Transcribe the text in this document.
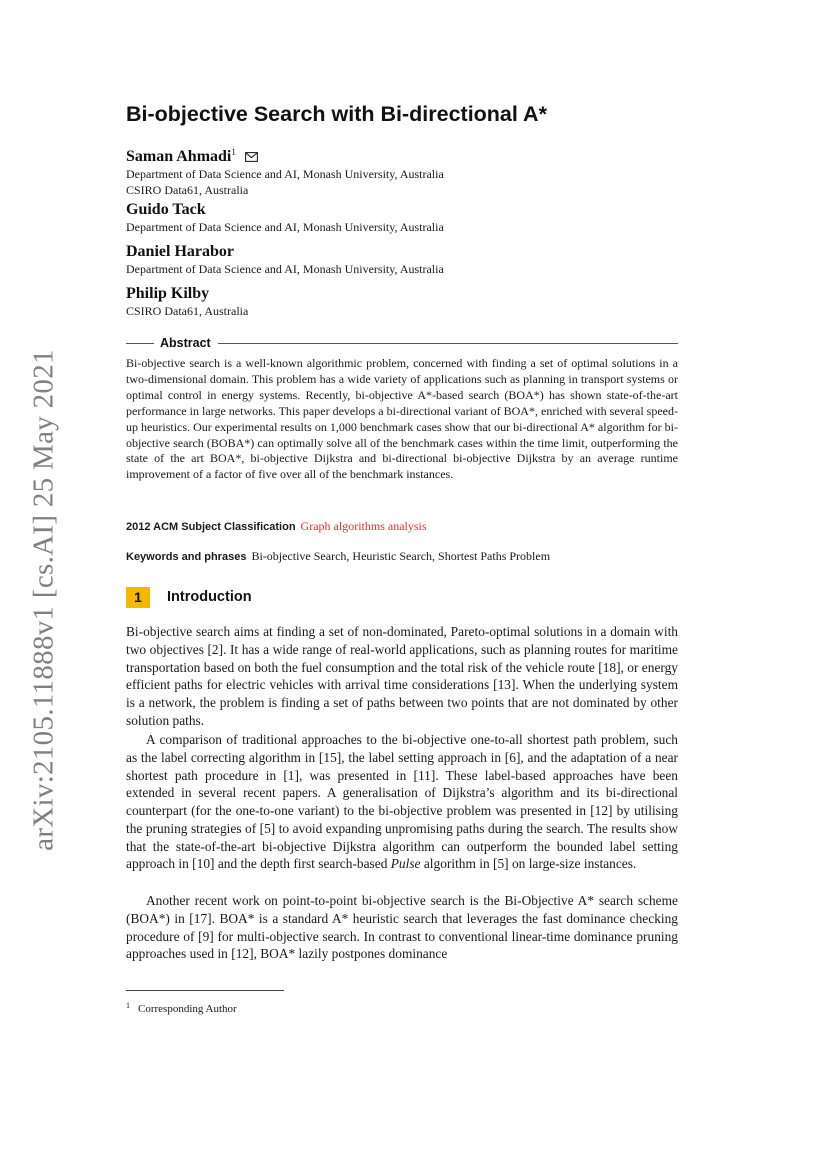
arXiv:2105.11888v1 [cs.AI] 25 May 2021
Bi-objective Search with Bi-directional A*
Saman Ahmadi$^1$
Department of Data Science and AI, Monash University, Australia
CSIRO Data61, Australia
Guido Tack
Department of Data Science and AI, Monash University, Australia
Daniel Harabor
Department of Data Science and AI, Monash University, Australia
Philip Kilby
CSIRO Data61, Australia
Abstract

Bi-objective search is a well-known algorithmic problem, concerned with finding a set of optimal solutions in a two-dimensional domain. This problem has a wide variety of applications such as planning in transport systems or optimal control in energy systems. Recently, bi-objective A*-based search (BOA*) has shown state-of-the-art performance in large networks. This paper develops a bi-directional variant of BOA*, enriched with several speed-up heuristics. Our experimental results on 1,000 benchmark cases show that our bi-directional A* algorithm for bi-objective search (BOBA*) can optimally solve all of the benchmark cases within the time limit, outperforming the state of the art BOA*, bi-objective Dijkstra and bi-directional bi-objective Dijkstra by an average runtime improvement of a factor of five over all of the benchmark instances.

2012 ACM Subject Classification Graph algorithms analysis

Keywords and phrases Bi-objective Search, Heuristic Search, Shortest Paths Problem

1	Introduction

Bi-objective search aims at finding a set of non-dominated, Pareto-optimal solutions in a domain with two objectives [2]. It has a wide range of real-world applications, such as planning routes for maritime transportation based on both the fuel consumption and the total risk of the vehicle route [18], or energy efficient paths for electric vehicles with arrival time considerations [13]. When the underlying system is a network, the problem is finding a set of paths between two points that are not dominated by other solution paths.

A comparison of traditional approaches to the bi-objective one-to-all shortest path problem, such as the label correcting algorithm in [15], the label setting approach in [6], and the adaptation of a near shortest path procedure in [1], was presented in [11]. These label-based approaches have been extended in several recent papers. A generalisation of Dijkstra’s algorithm and its bi-directional counterpart (for the one-to-one variant) to the bi-objective problem was presented in [12] by utilising the pruning strategies of [5] to avoid expanding unpromising paths during the search. The results show that the state-of-the-art bi-objective Dijkstra algorithm can outperform the bounded label setting approach in [10] and the depth first search-based Pulse algorithm in [5] on large-size instances.

Another recent work on point-to-point bi-objective search is the Bi-Objective A* search scheme (BOA*) in [17]. BOA* is a standard A* heuristic search that leverages the fast dominance checking procedure of [9] for multi-objective search. In contrast to conventional linear-time dominance pruning approaches used in [12], BOA* lazily postpones dominance

$^1$ Corresponding Author
